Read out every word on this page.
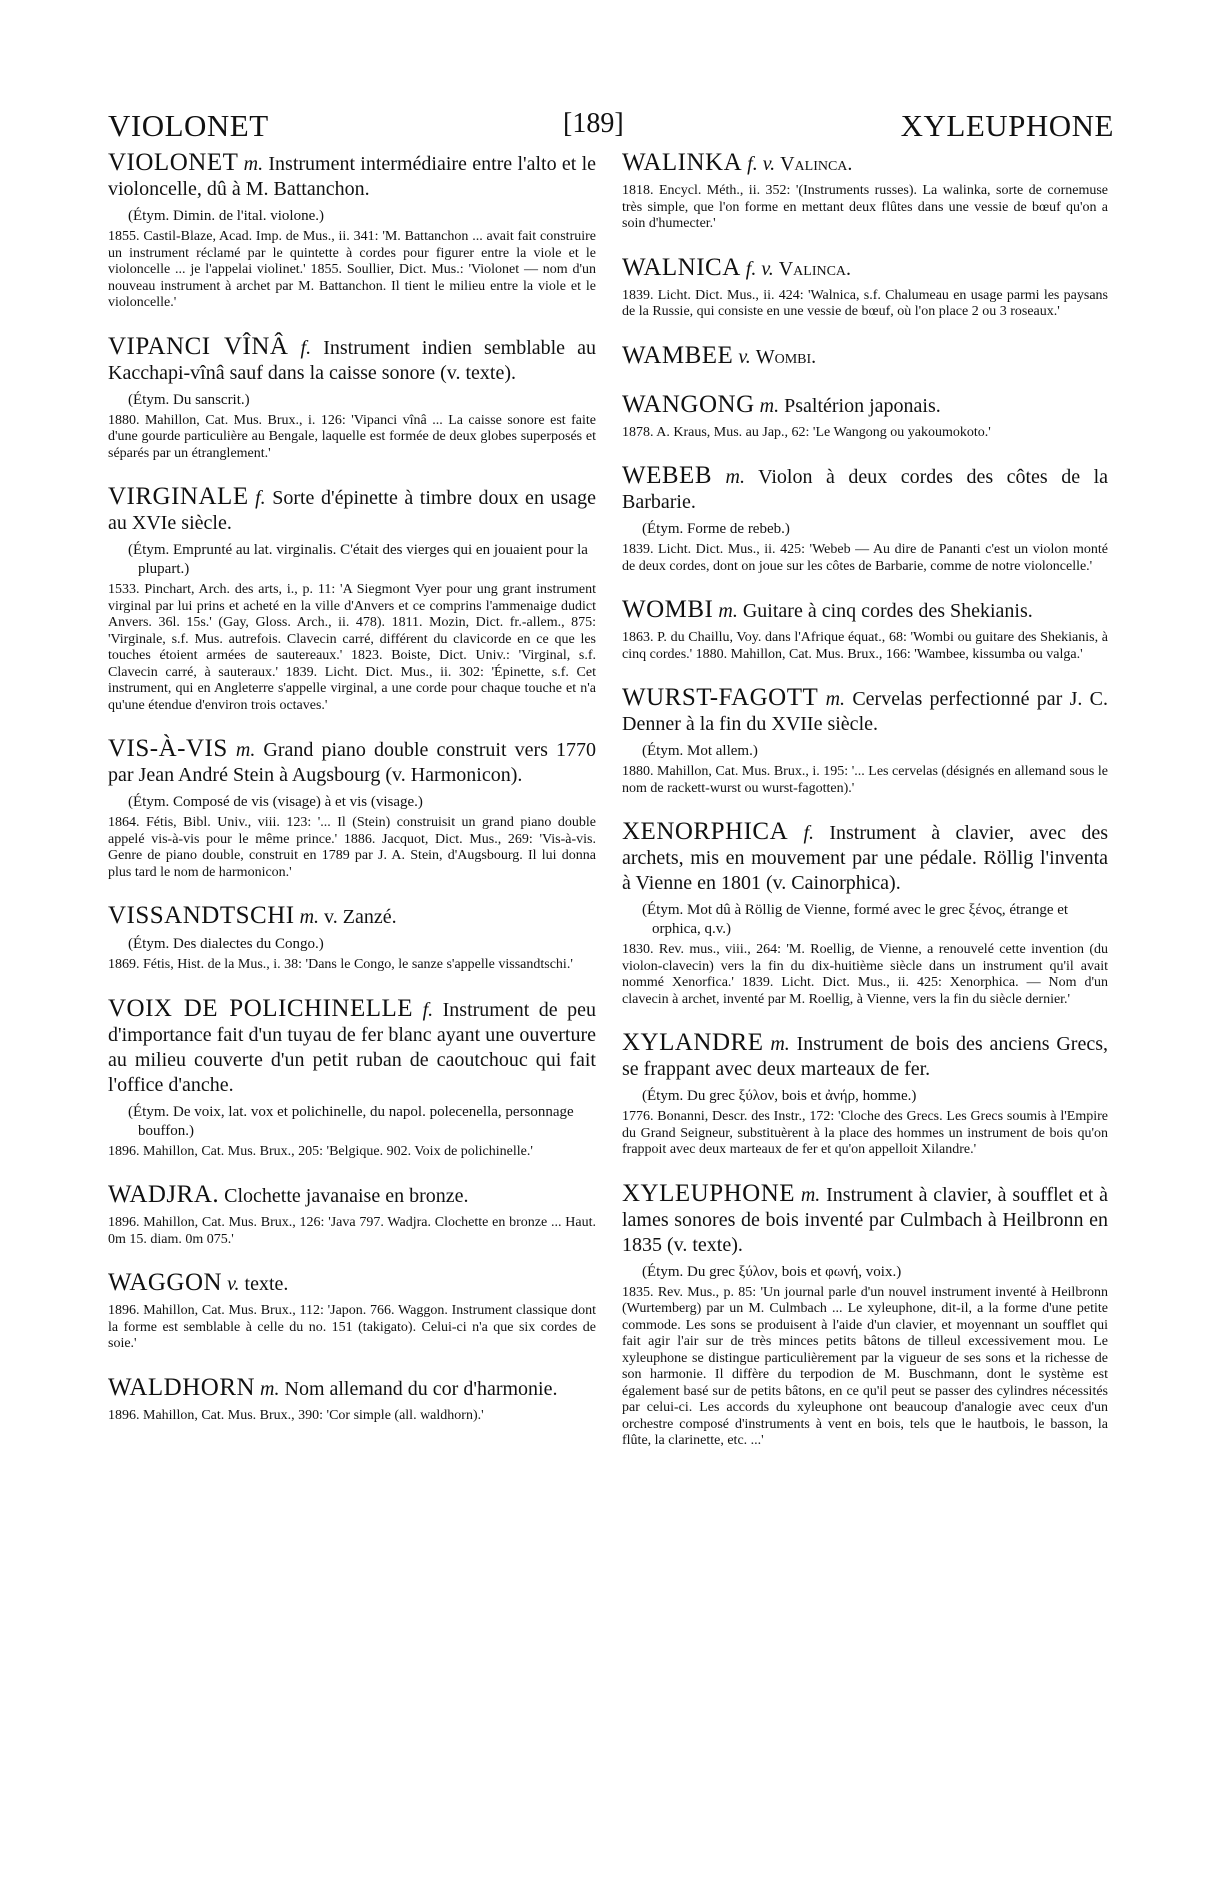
VIOLONET	[189]	XYLEUPHONE

VIOLONET m. Instrument intermédiaire entre l'alto et le violoncelle, dû à M. Battanchon.

(Étym. Dimin. de l'ital. violone.)

1855. Castil-Blaze, Acad. Imp. de Mus., ii. 341: 'M. Battanchon ... avait fait construire un instrument réclamé par le quintette à cordes pour figurer entre la viole et le violoncelle ... je l'appelai violinet.' 1855. Soullier, Dict. Mus.: 'Violonet — nom d'un nouveau instrument à archet par M. Battanchon. Il tient le milieu entre la viole et le violoncelle.'

VIPANCI VÎNÂ f. Instrument indien semblable au Kacchapi-vînâ sauf dans la caisse sonore (v. texte).

(Étym. Du sanscrit.)

1880. Mahillon, Cat. Mus. Brux., i. 126: 'Vipanci vînâ ... La caisse sonore est faite d'une gourde particulière au Bengale, laquelle est formée de deux globes superposés et séparés par un étranglement.'

VIRGINALE f. Sorte d'épinette à timbre doux en usage au XVIe siècle.

(Étym. Emprunté au lat. virginalis. C'était des vierges qui en jouaient pour la plupart.)

1533. Pinchart, Arch. des arts, i., p. 11: 'A Siegmont Vyer pour ung grant instrument virginal par lui prins et acheté en la ville d'Anvers et ce comprins l'ammenaige dudict Anvers. 36l. 15s.' (Gay, Gloss. Arch., ii. 478). 1811. Mozin, Dict. fr.-allem., 875: 'Virginale, s.f. Mus. autrefois. Clavecin carré, différent du clavicorde en ce que les touches étoient armées de sautereaux.' 1823. Boiste, Dict. Univ.: 'Virginal, s.f. Clavecin carré, à sauteraux.' 1839. Licht. Dict. Mus., ii. 302: 'Épinette, s.f. Cet instrument, qui en Angleterre s'appelle virginal, a une corde pour chaque touche et n'a qu'une étendue d'environ trois octaves.'

VIS-À-VIS m. Grand piano double construit vers 1770 par Jean André Stein à Augsbourg (v. Harmonicon).

(Étym. Composé de vis (visage) à et vis (visage.)

1864. Fétis, Bibl. Univ., viii. 123: '... Il (Stein) construisit un grand piano double appelé vis-à-vis pour le même prince.' 1886. Jacquot, Dict. Mus., 269: 'Vis-à-vis. Genre de piano double, construit en 1789 par J. A. Stein, d'Augsbourg. Il lui donna plus tard le nom de harmonicon.'

VISSANDTSCHI m. v. Zanzé.

(Étym. Des dialectes du Congo.)

1869. Fétis, Hist. de la Mus., i. 38: 'Dans le Congo, le sanze s'appelle vissandtschi.'

VOIX DE POLICHINELLE f. Instrument de peu d'importance fait d'un tuyau de fer blanc ayant une ouverture au milieu couverte d'un petit ruban de caoutchouc qui fait l'office d'anche.

(Étym. De voix, lat. vox et polichinelle, du napol. polecenella, personnage bouffon.)

1896. Mahillon, Cat. Mus. Brux., 205: 'Belgique. 902. Voix de polichinelle.'

WADJRA. Clochette javanaise en bronze.

1896. Mahillon, Cat. Mus. Brux., 126: 'Java 797. Wadjra. Clochette en bronze ... Haut. 0m 15. diam. 0m 075.'

WAGGON v. texte.

1896. Mahillon, Cat. Mus. Brux., 112: 'Japon. 766. Waggon. Instrument classique dont la forme est semblable à celle du no. 151 (takigato). Celui-ci n'a que six cordes de soie.'

WALDHORN m. Nom allemand du cor d'harmonie.

1896. Mahillon, Cat. Mus. Brux., 390: 'Cor simple (all. waldhorn).'

WALINKA f. v. Valinca.

1818. Encycl. Méth., ii. 352: '(Instruments russes). La walinka, sorte de cornemuse très simple, que l'on forme en mettant deux flûtes dans une vessie de bœuf qu'on a soin d'humecter.'

WALNICA f. v. Valinca.

1839. Licht. Dict. Mus., ii. 424: 'Walnica, s.f. Chalumeau en usage parmi les paysans de la Russie, qui consiste en une vessie de bœuf, où l'on place 2 ou 3 roseaux.'

WAMBEE v. Wombi.

WANGONG m. Psaltérion japonais.

1878. A. Kraus, Mus. au Jap., 62: 'Le Wangong ou yakoumokoto.'

WEBEB m. Violon à deux cordes des côtes de la Barbarie.

(Étym. Forme de rebeb.)

1839. Licht. Dict. Mus., ii. 425: 'Webeb — Au dire de Pananti c'est un violon monté de deux cordes, dont on joue sur les côtes de Barbarie, comme de notre violoncelle.'

WOMBI m. Guitare à cinq cordes des Shekianis.

1863. P. du Chaillu, Voy. dans l'Afrique équat., 68: 'Wombi ou guitare des Shekianis, à cinq cordes.' 1880. Mahillon, Cat. Mus. Brux., 166: 'Wambee, kissumba ou valga.'

WURST-FAGOTT m. Cervelas perfectionné par J. C. Denner à la fin du XVIIe siècle.

(Étym. Mot allem.)

1880. Mahillon, Cat. Mus. Brux., i. 195: '... Les cervelas (désignés en allemand sous le nom de rackett-wurst ou wurst-fagotten).'

XENORPHICA f. Instrument à clavier, avec des archets, mis en mouvement par une pédale. Röllig l'inventa à Vienne en 1801 (v. Cainorphica).

(Étym. Mot dû à Röllig de Vienne, formé avec le grec ξένος, étrange et orphica, q.v.)

1830. Rev. mus., viii., 264: 'M. Roellig, de Vienne, a renouvelé cette invention (du violon-clavecin) vers la fin du dix-huitième siècle dans un instrument qu'il avait nommé Xenorfica.' 1839. Licht. Dict. Mus., ii. 425: Xenorphica. — Nom d'un clavecin à archet, inventé par M. Roellig, à Vienne, vers la fin du siècle dernier.'

XYLANDRE m. Instrument de bois des anciens Grecs, se frappant avec deux marteaux de fer.

(Étym. Du grec ξύλον, bois et ἀνήρ, homme.)

1776. Bonanni, Descr. des Instr., 172: 'Cloche des Grecs. Les Grecs soumis à l'Empire du Grand Seigneur, substituèrent à la place des hommes un instrument de bois qu'on frappoit avec deux marteaux de fer et qu'on appelloit Xilandre.'

XYLEUPHONE m. Instrument à clavier, à soufflet et à lames sonores de bois inventé par Culmbach à Heilbronn en 1835 (v. texte).

(Étym. Du grec ξύλον, bois et φωνή, voix.)

1835. Rev. Mus., p. 85: 'Un journal parle d'un nouvel instrument inventé à Heilbronn (Wurtemberg) par un M. Culmbach ... Le xyleuphone, dit-il, a la forme d'une petite commode. Les sons se produisent à l'aide d'un clavier, et moyennant un soufflet qui fait agir l'air sur de très minces petits bâtons de tilleul excessivement mou. Le xyleuphone se distingue particulièrement par la vigueur de ses sons et la richesse de son harmonie. Il diffère du terpodion de M. Buschmann, dont le système est également basé sur de petits bâtons, en ce qu'il peut se passer des cylindres nécessités par celui-ci. Les accords du xyleuphone ont beaucoup d'analogie avec ceux d'un orchestre composé d'instruments à vent en bois, tels que le hautbois, le basson, la flûte, la clarinette, etc. ...'
